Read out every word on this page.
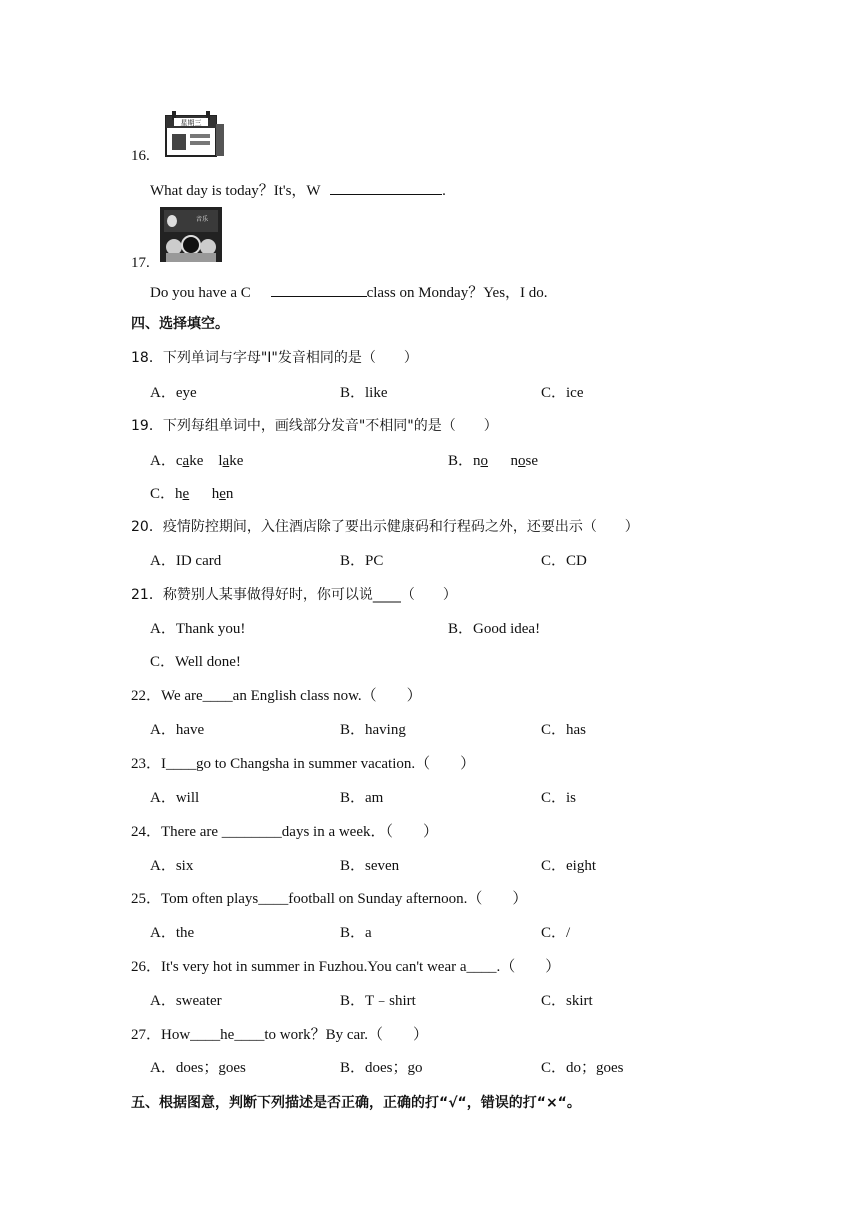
星期三
16.
What day is today？It's，W	.
音乐
17.
Do you have a C	class on Monday？Yes，I do.
四、选择填空。
18．下列单词与字母"I"发音相同的是（　　）
A．eye	B．like	C．ice
19．下列每组单词中，画线部分发音"不相同"的是（　　）
A．cake lake	B．no nose
C．he hen
20．疫情防控期间，入住酒店除了要出示健康码和行程码之外，还要出示（　　）
A．ID card	B．PC	C．CD
21．称赞别人某事做得好时，你可以说____（　　）
A．Thank you!	B．Good idea!
C．Well done!
22．We are____an English class now.（　　）
A．have	B．having	C．has
23．I____go to Changsha in summer vacation.（　　）
A．will	B．am	C．is
24．There are ________days in a week．（　　）
A．six	B．seven	C．eight
25．Tom often plays____football on Sunday afternoon.（　　）
A．the	B．a	C．/
26．It's very hot in summer in Fuzhou.You can't wear a____.（　　）
A．sweater	B．T﹣shirt	C．skirt
27．How____he____to work？By car.（　　）
A．does；goes	B．does；go	C．do；goes
五、根据图意，判断下列描述是否正确，正确的打“√“，错误的打“×“。
